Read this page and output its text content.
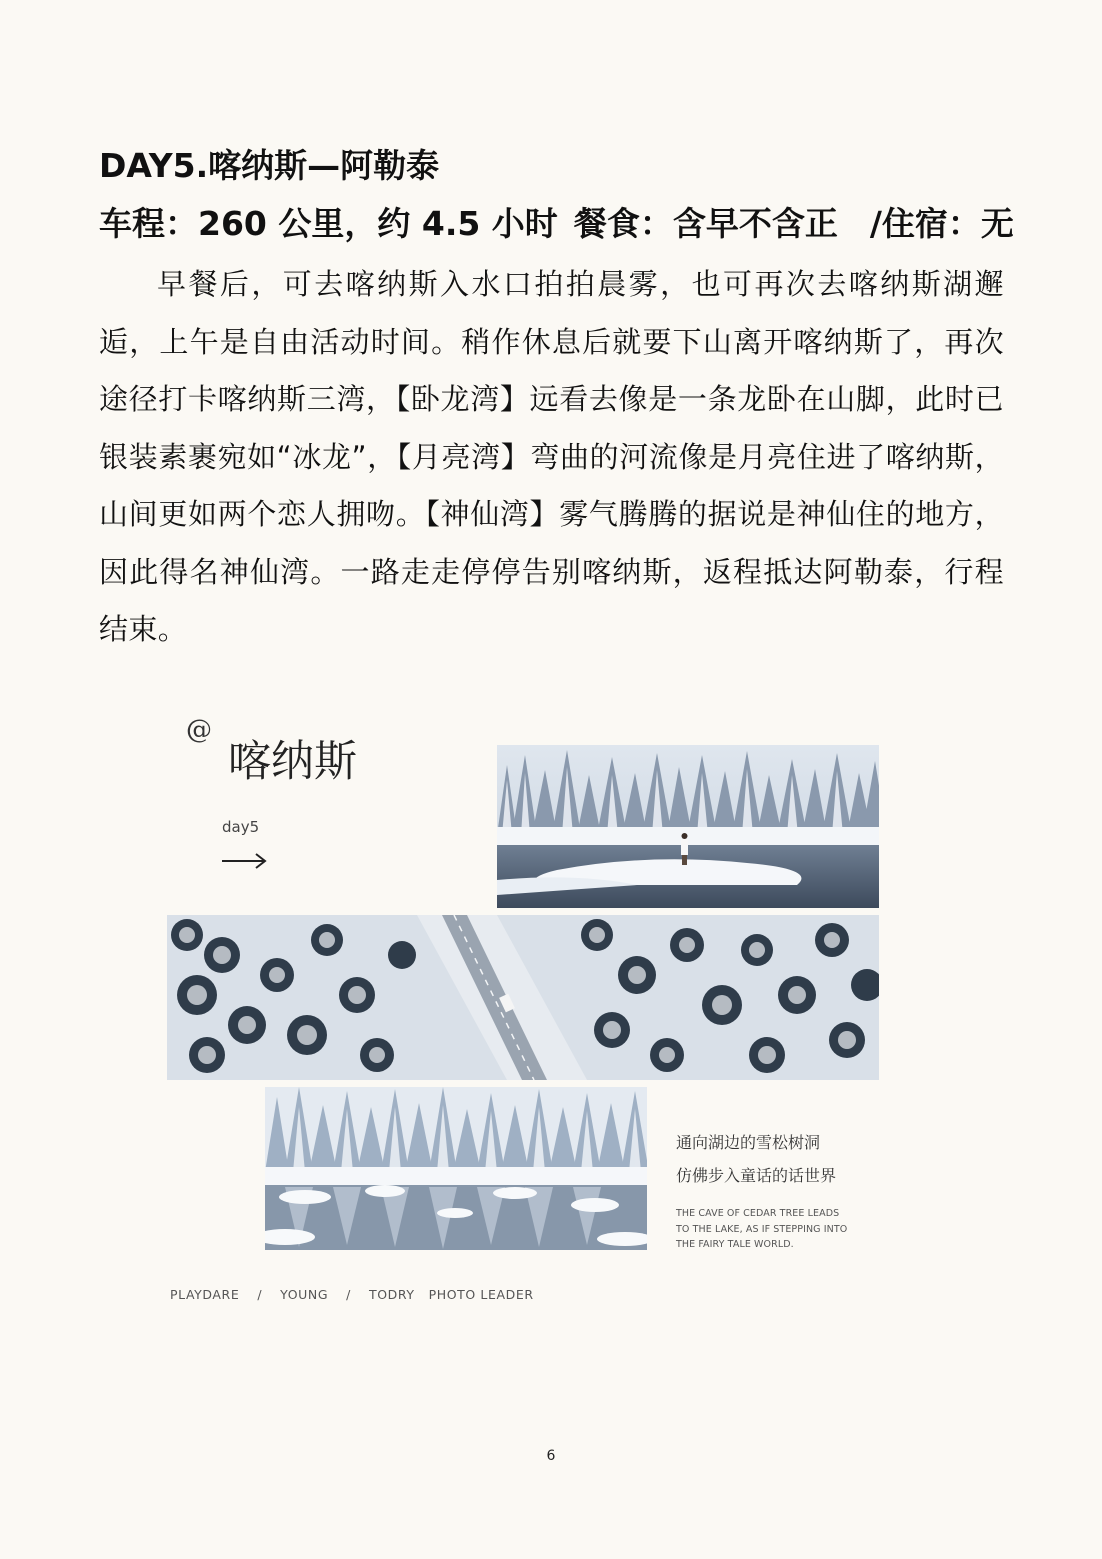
DAY5.喀纳斯—阿勒泰
车程：260 公里，约 4.5 小时 餐食：含早不含正 /住宿：无

早餐后，可去喀纳斯入水口拍拍晨雾，也可再次去喀纳斯湖邂逅，上午是自由活动时间。稍作休息后就要下山离开喀纳斯了，再次途径打卡喀纳斯三湾，【卧龙湾】远看去像是一条龙卧在山脚，此时已银装素裹宛如“冰龙”，【月亮湾】弯曲的河流像是月亮住进了喀纳斯，山间更如两个恋人拥吻。【神仙湾】雾气腾腾的据说是神仙住的地方，因此得名神仙湾。一路走走停停告别喀纳斯，返程抵达阿勒泰，行程结束。

@
喀纳斯
day5
通向湖边的雪松树洞
仿佛步入童话的话世界
THE CAVE OF CEDAR TREE LEADS
TO THE LAKE, AS IF STEPPING INTO
THE FAIRY TALE WORLD.
PLAYDARE / YOUNG / TODRY PHOTO LEADER
6
